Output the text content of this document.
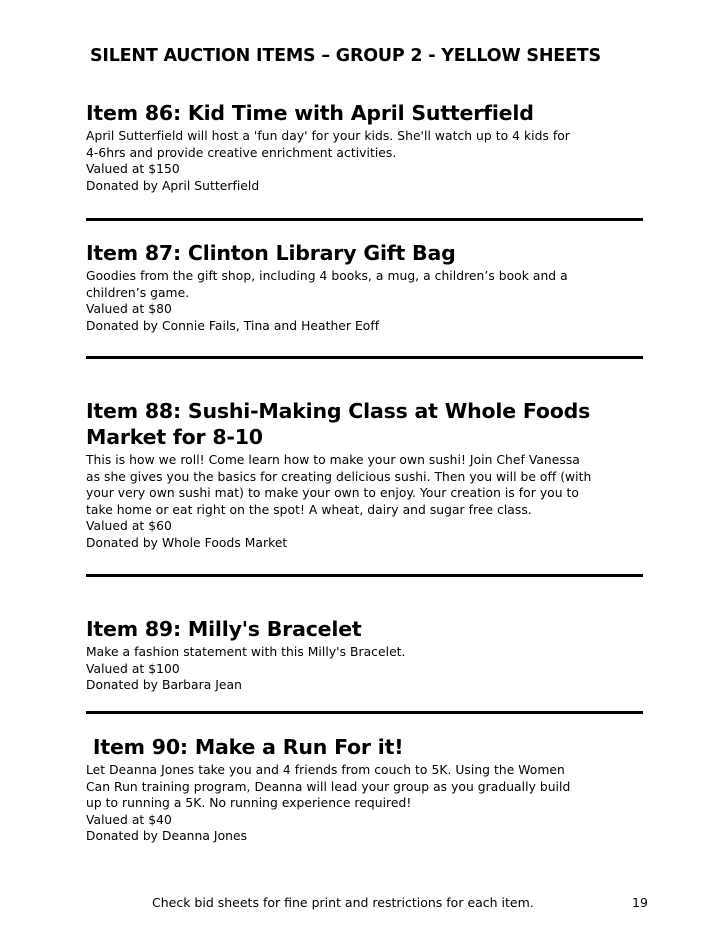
SILENT AUCTION ITEMS – GROUP 2 - YELLOW SHEETS
Item 86: Kid Time with April Sutterfield
April Sutterfield will host a 'fun day' for your kids. She'll watch up to 4 kids for
4-6hrs and provide creative enrichment activities.
Valued at $150
Donated by April Sutterfield
Item 87: Clinton Library Gift Bag
Goodies from the gift shop, including 4 books, a mug, a children’s book and a
children’s game.
Valued at $80
Donated by Connie Fails, Tina and Heather Eoff
Item 88: Sushi-Making Class at Whole Foods
Market for 8-10
This is how we roll! Come learn how to make your own sushi! Join Chef Vanessa
as she gives you the basics for creating delicious sushi. Then you will be off (with
your very own sushi mat) to make your own to enjoy. Your creation is for you to
take home or eat right on the spot! A wheat, dairy and sugar free class.
Valued at $60
Donated by Whole Foods Market
Item 89: Milly's Bracelet
Make a fashion statement with this Milly's Bracelet.
Valued at $100
Donated by Barbara Jean
Item 90: Make a Run For it!
Let Deanna Jones take you and 4 friends from couch to 5K. Using the Women
Can Run training program, Deanna will lead your group as you gradually build
up to running a 5K. No running experience required!
Valued at $40
Donated by Deanna Jones
Check bid sheets for fine print and restrictions for each item.	19
